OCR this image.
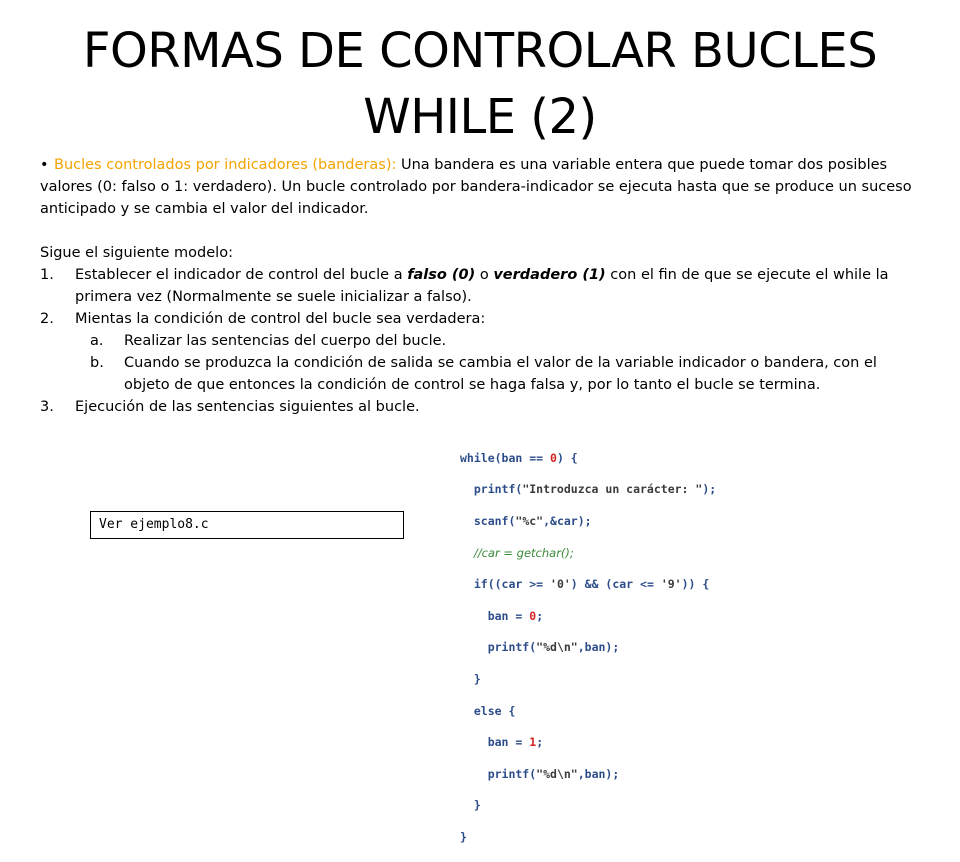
FORMAS DE CONTROLAR BUCLES
WHILE (2)

• Bucles controlados por indicadores (banderas): Una bandera es una variable entera que puede tomar dos posibles valores (0: falso o 1: verdadero). Un bucle controlado por bandera-indicador se ejecuta hasta que se produce un suceso anticipado y se cambia el valor del indicador.

Sigue el siguiente modelo:

1.	Establecer el indicador de control del bucle a falso (0) o verdadero (1) con el fin de que se ejecute el while la primera vez (Normalmente se suele inicializar a falso).
2.	Mientas la condición de control del bucle sea verdadera:
a.	Realizar las sentencias del cuerpo del bucle.
b.	Cuando se produzca la condición de salida se cambia el valor de la variable indicador o bandera, con el objeto de que entonces la condición de control se haga falsa y, por lo tanto el bucle se termina.
3.	Ejecución de las sentencias siguientes al bucle.
Ver ejemplo8.c

while(ban == 0) {

printf("Introduzca un carácter: ");

scanf("%c",&car);

//car = getchar();

if((car >= '0') && (car <= '9')) {

ban = 0;

printf("%d\n",ban);

}

else {

ban = 1;

printf("%d\n",ban);

}

}
